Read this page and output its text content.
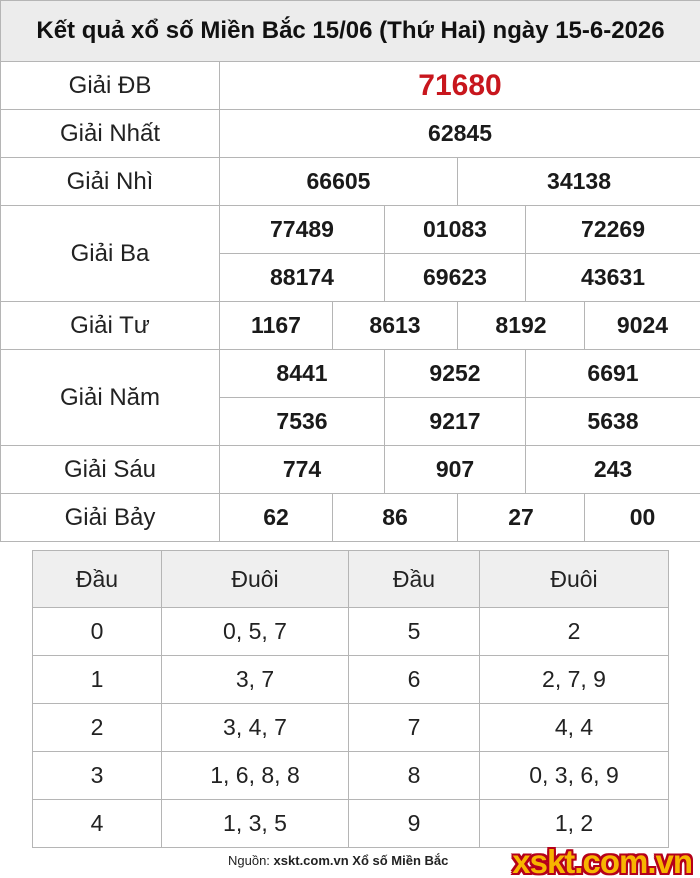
Kết quả xổ số Miền Bắc 15/06 (Thứ Hai) ngày 15-6-2026						
Giải ĐB	71680					
Giải Nhất	62845					
Giải Nhì	66605			34138		
Giải Ba	77489		01083		72269	
	88174		69623		43631	
Giải Tư	1167	8613		8192		9024
Giải Năm	8441		9252		6691	
	7536		9217		5638	
Giải Sáu	774		907		243	
Giải Bảy	62	86		27		00
Đầu	Đuôi	Đầu	Đuôi
0	0, 5, 7	5	2
1	3, 7	6	2, 7, 9
2	3, 4, 7	7	4, 4
3	1, 6, 8, 8	8	0, 3, 6, 9
4	1, 3, 5	9	1, 2
Nguồn: xskt.com.vn Xổ số Miền Bắc xskt.com.vn
